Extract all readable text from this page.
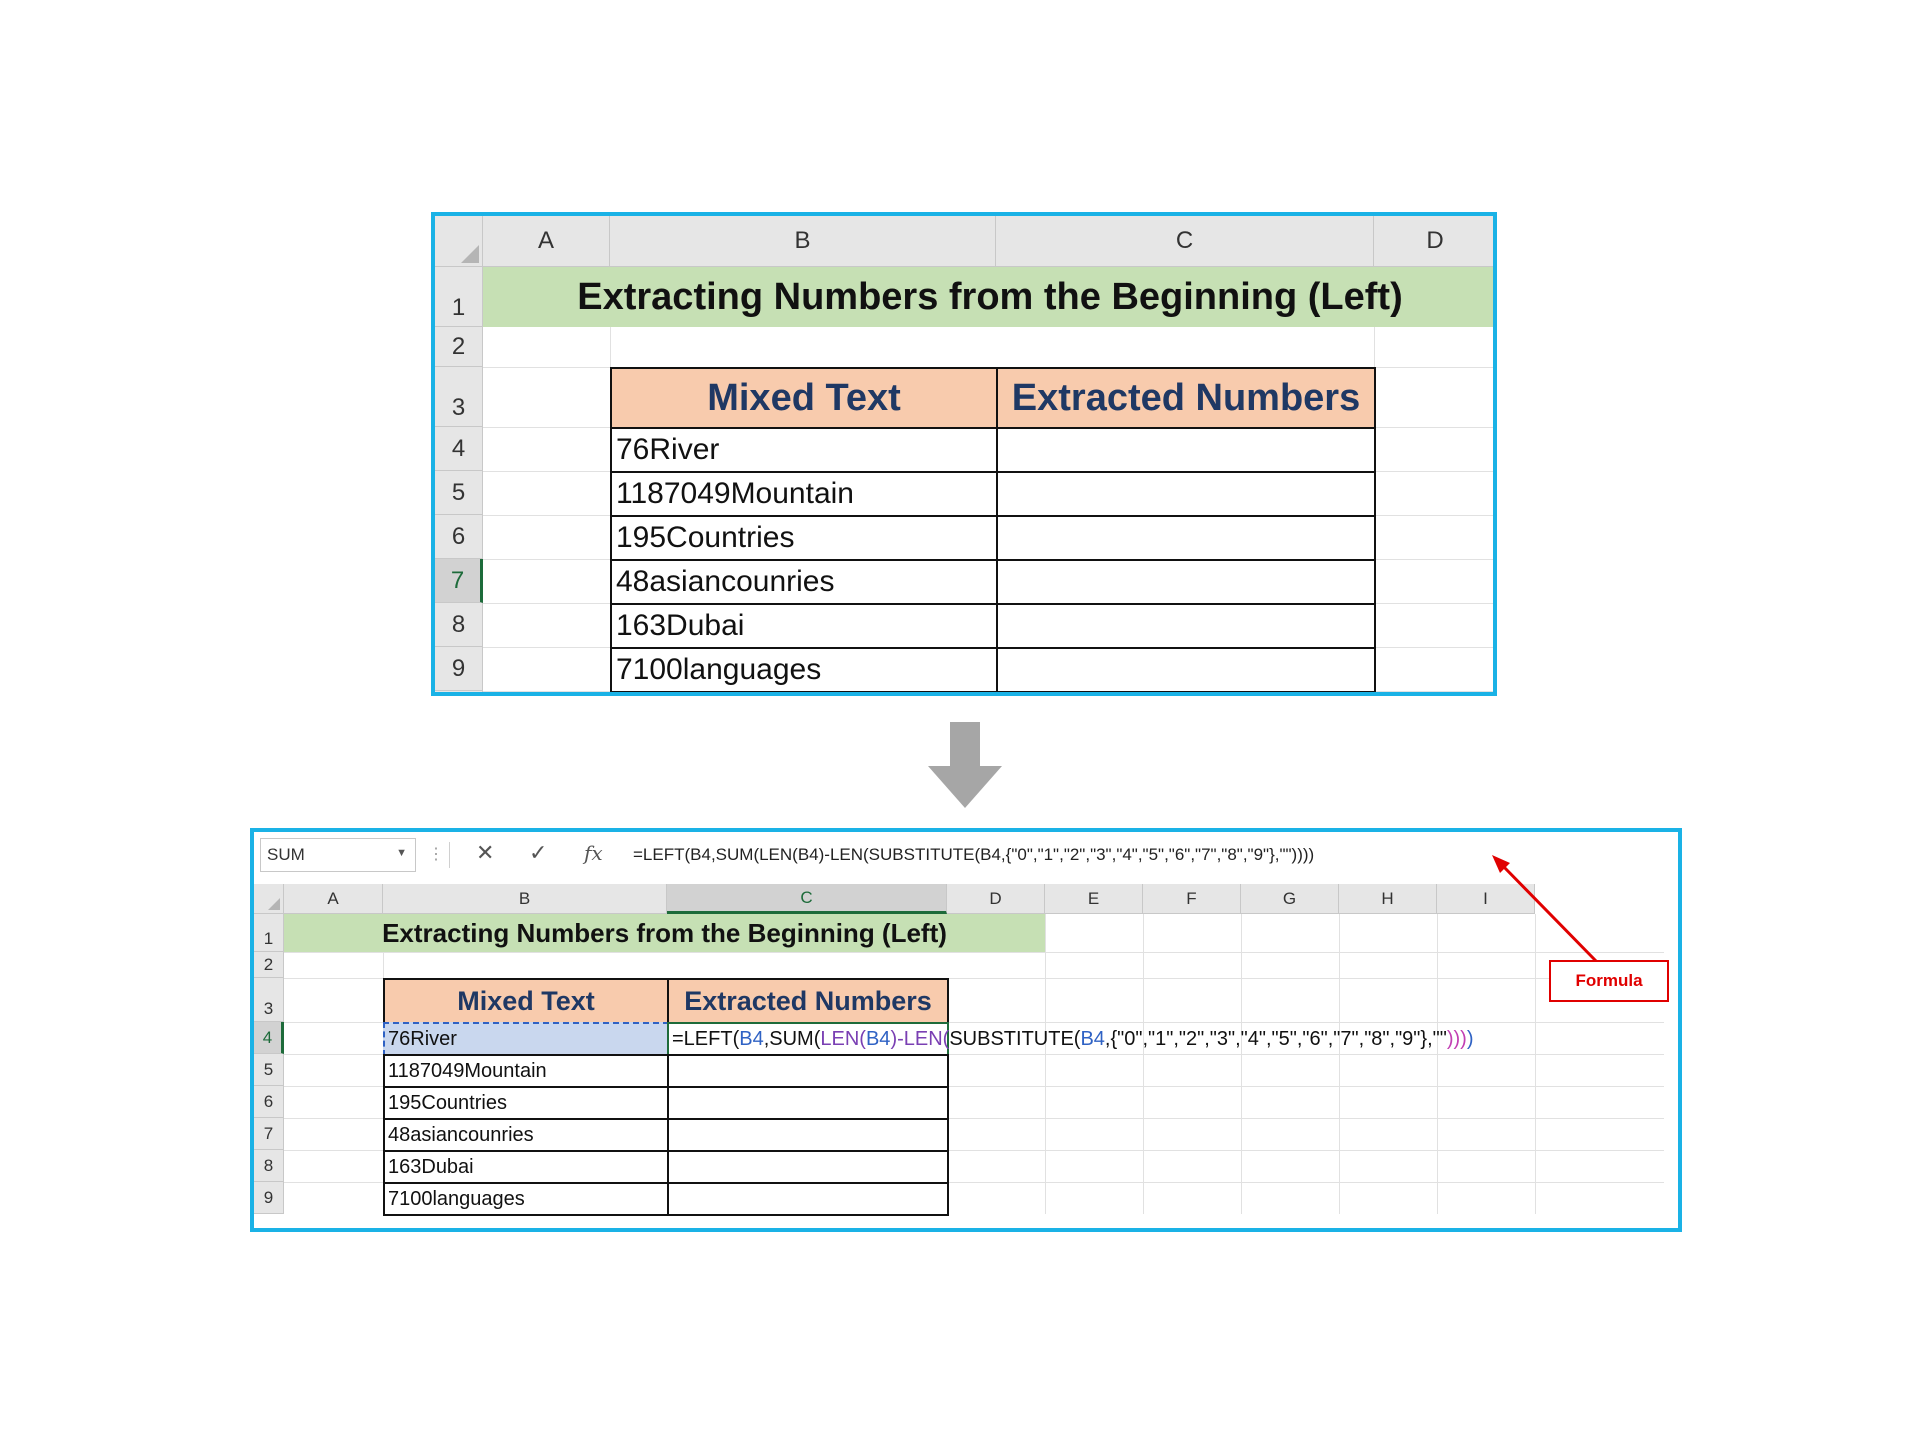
A	B	C	D
1
2
3
4
5
6
7
8
9
Extracting Numbers from the Beginning (Left)
Mixed Text	Extracted Numbers
76River
1187049Mountain
195Countries
48asiancounries
163Dubai
7100languages
SUM	▼ ⋮ ✕ ✓ fx	=LEFT(B4,SUM(LEN(B4)-LEN(SUBSTITUTE(B4,{"0","1","2","3","4","5","6","7","8","9"},""))))
A	B	C	D	E	F	G	H	I
1
2
3
4
5
6
7
8
9
Extracting Numbers from the Beginning (Left)
Mixed Text	Extracted Numbers
76River	=LEFT( B4 ,SUM( LEN( B4 )-LEN( SUBSTITUTE( B4 ,{"0","1","2","3","4","5","6","7","8","9"},"" ))) )
1187049Mountain
195Countries
48asiancounries
163Dubai
7100languages
Formula
